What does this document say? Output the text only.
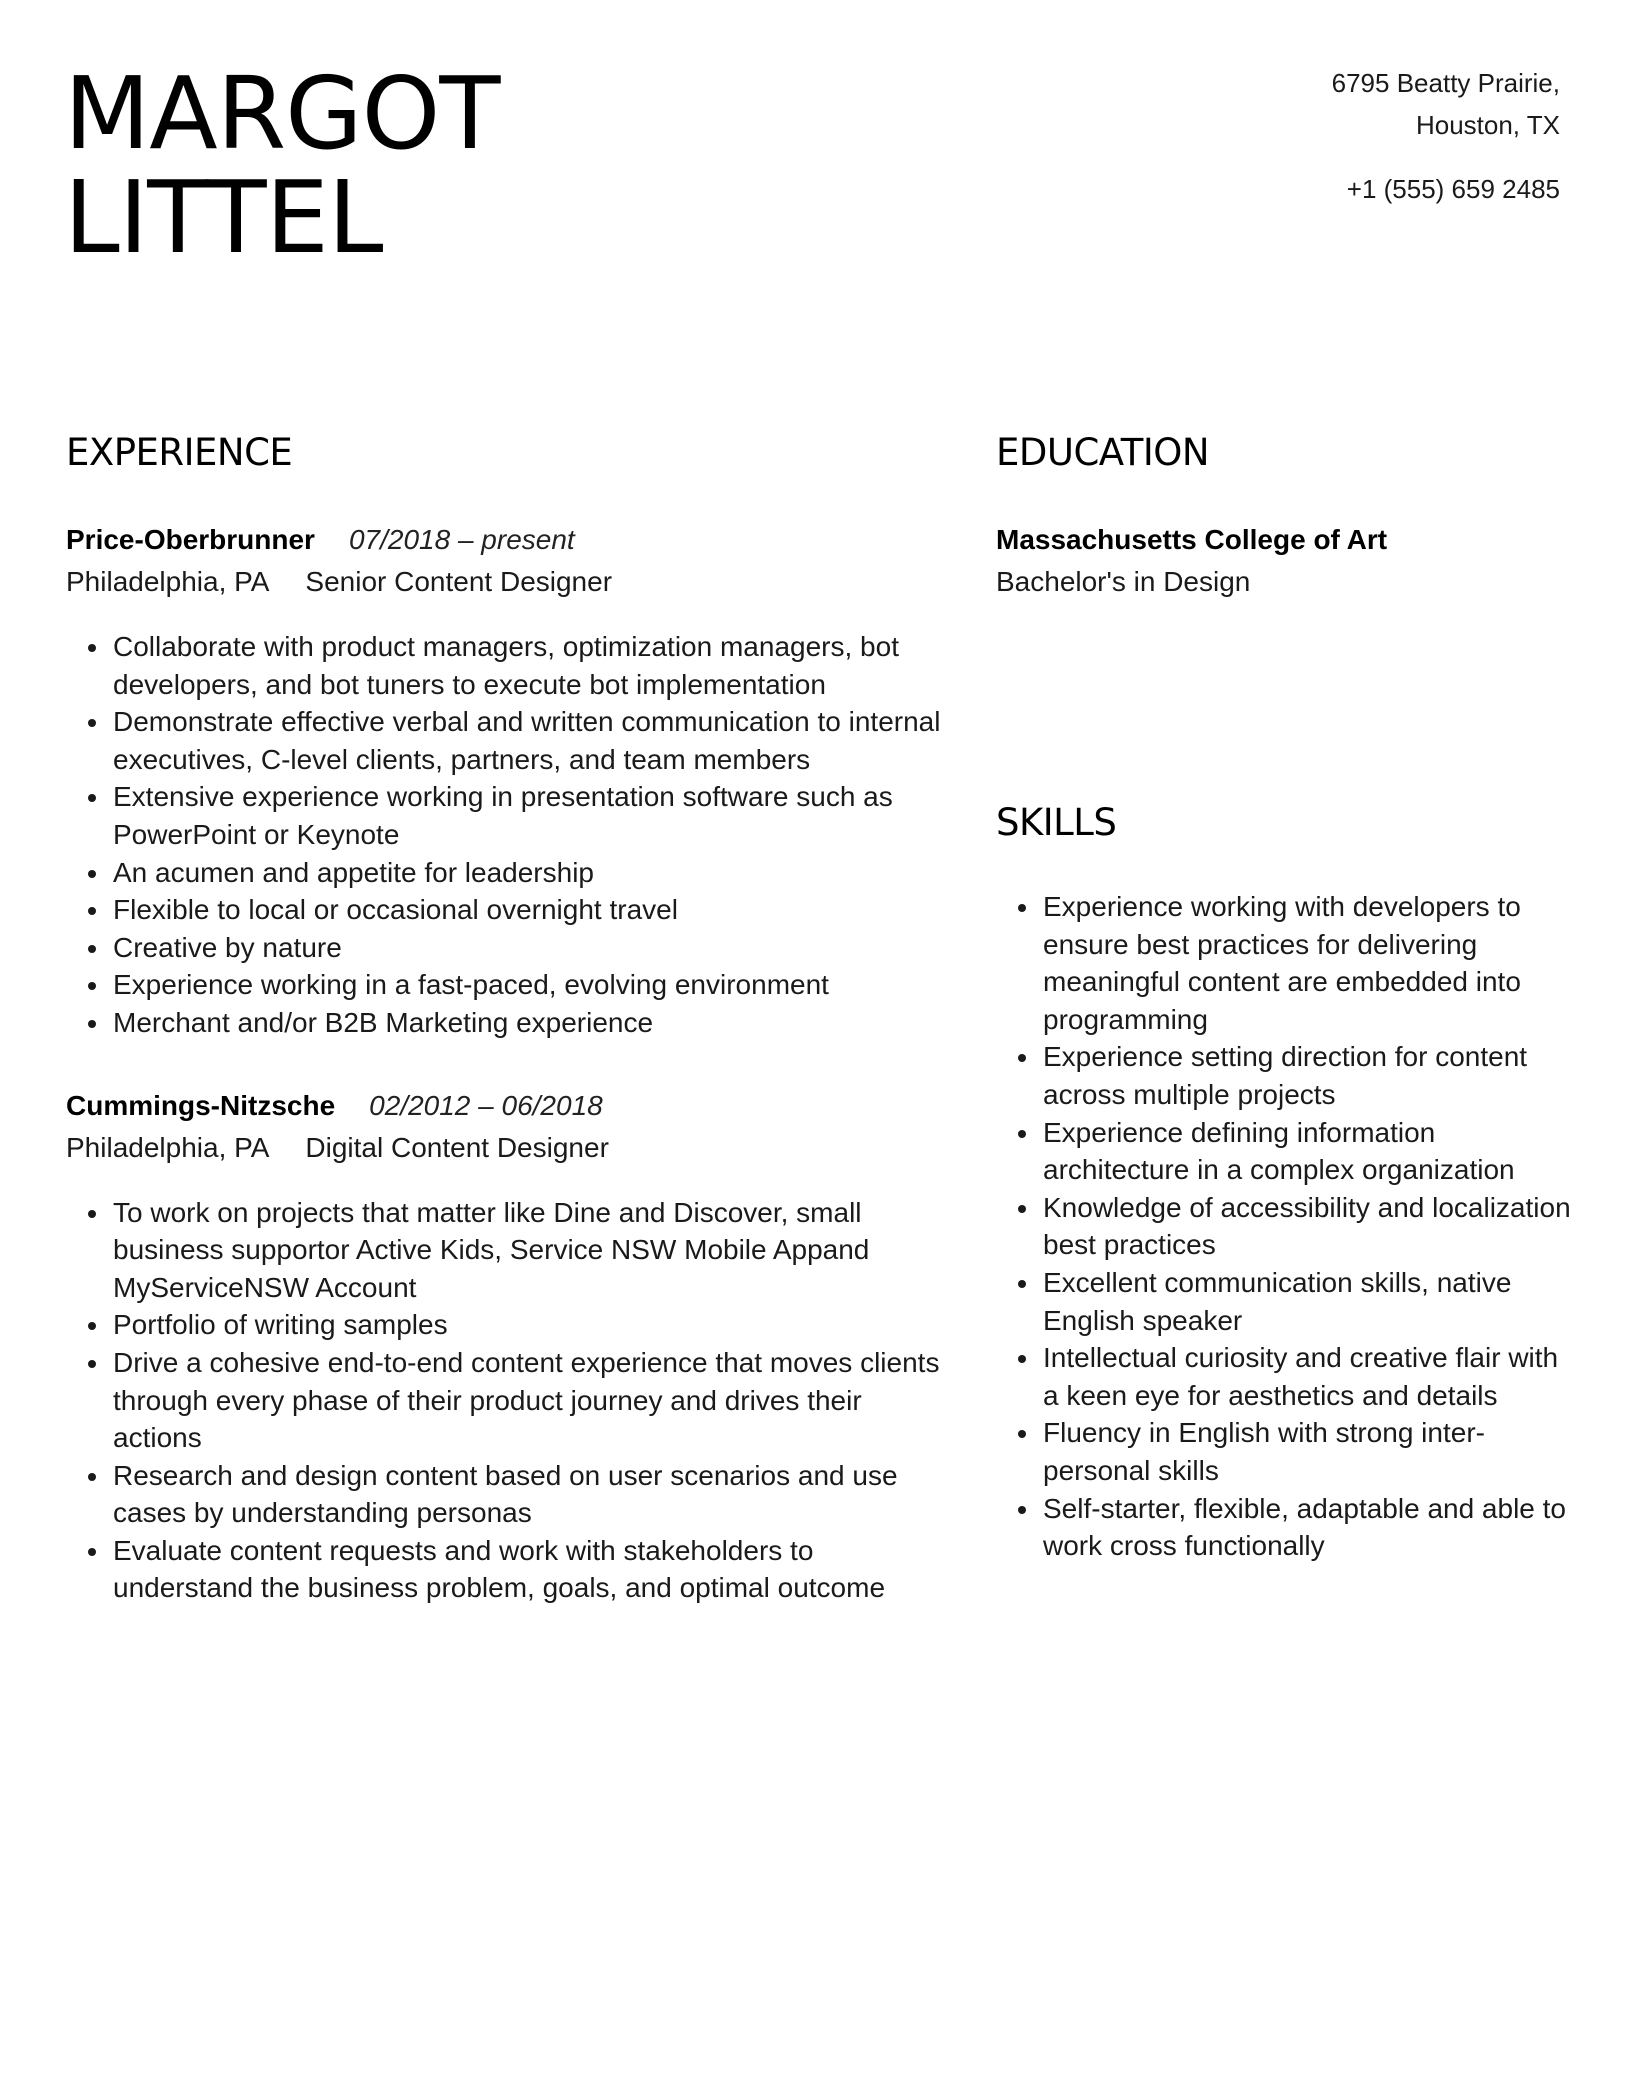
MARGOT
LITTEL
6795 Beatty Prairie,
Houston, TX
+1 (555) 659 2485
EXPERIENCE
Price-Oberbrunner 07/2018 – present
Philadelphia, PA Senior Content Designer
• Collaborate with product managers, optimization managers, bot developers, and bot tuners to execute bot implementation
• Demonstrate effective verbal and written communication to internal executives, C-level clients, partners, and team members
• Extensive experience working in presentation software such as PowerPoint or Keynote
• An acumen and appetite for leadership
• Flexible to local or occasional overnight travel
• Creative by nature
• Experience working in a fast-paced, evolving environment
• Merchant and/or B2B Marketing experience
Cummings-Nitzsche 02/2012 – 06/2018
Philadelphia, PA Digital Content Designer
• To work on projects that matter like Dine and Discover, small business supportor Active Kids, Service NSW Mobile Appand MyServiceNSW Account
• Portfolio of writing samples
• Drive a cohesive end-to-end content experience that moves clients through every phase of their product journey and drives their actions
• Research and design content based on user scenarios and use cases by understanding personas
• Evaluate content requests and work with stakeholders to understand the business problem, goals, and optimal outcome
EDUCATION
Massachusetts College of Art
Bachelor's in Design
SKILLS
• Experience working with developers to ensure best practices for delivering meaningful content are embedded into programming
• Experience setting direction for content across multiple projects
• Experience defining information architecture in a complex organization
• Knowledge of accessibility and localization best practices
• Excellent communication skills, native English speaker
• Intellectual curiosity and creative flair with a keen eye for aesthetics and details
• Fluency in English with strong inter-personal skills
• Self-starter, flexible, adaptable and able to work cross functionally
